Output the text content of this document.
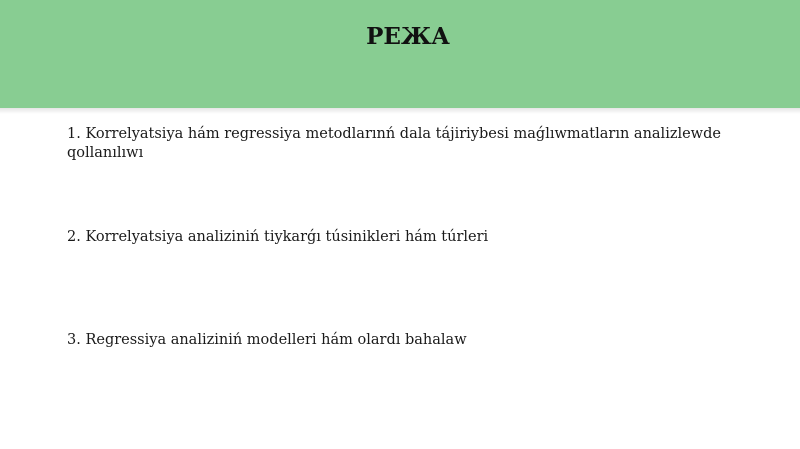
РЕЖА
1. Korrelyatsiya hám regressiya metodlarınń dala tájiriybesi maǵlıwmatların analizlewde qollanılıwı
2. Korrelyatsiya analiziniń tiykarǵı túsinikleri hám túrleri
3. Regressiya analiziniń modelleri hám olardı bahalaw
